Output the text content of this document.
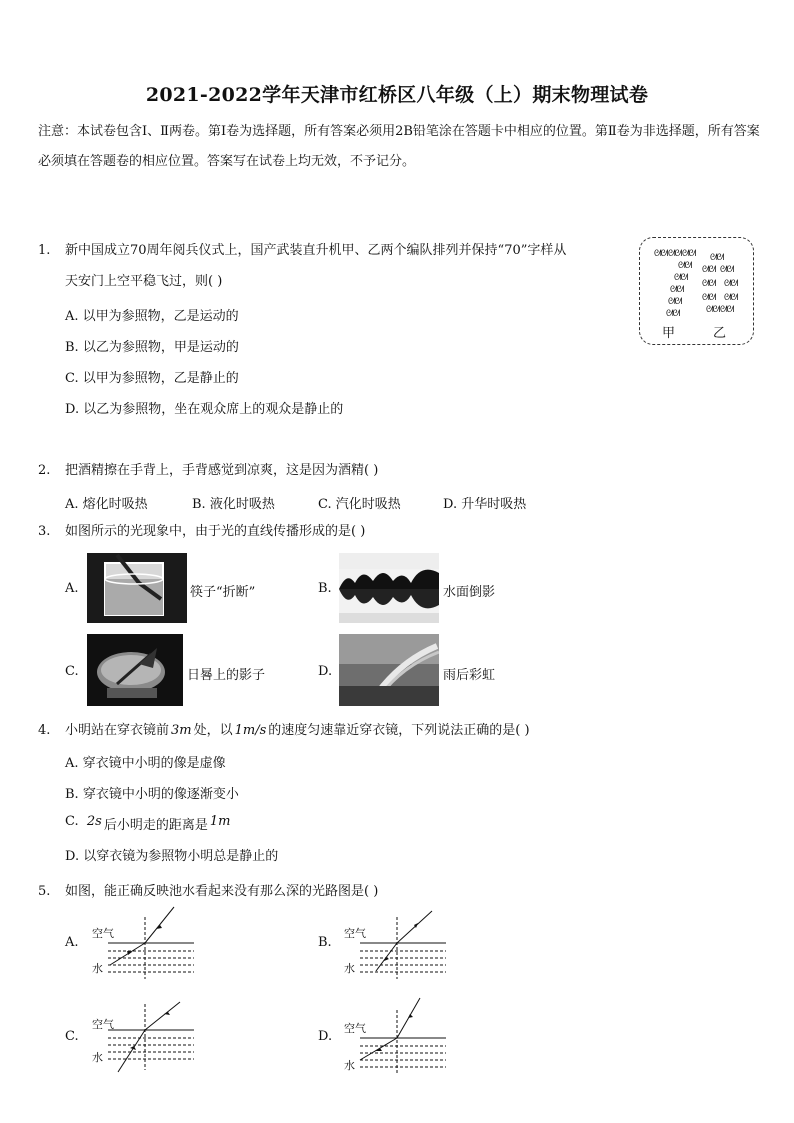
2021-2022学年天津市红桥区八年级（上）期末物理试卷
注意：本试卷包含Ⅰ、Ⅱ两卷。第Ⅰ卷为选择题，所有答案必须用2B铅笔涂在答题卡中相应的位置。第Ⅱ卷为非选择题，所有答案必须填在答题卷的相应位置。答案写在试卷上均无效，不予记分。
1. 新中国成立70周年阅兵仪式上，国产武装直升机甲、乙两个编队排列并保持“70”字样从
天安门上空平稳飞过，则( )
A. 以甲为参照物，乙是运动的
B. 以乙为参照物，甲是运动的
C. 以甲为参照物，乙是静止的
D. 以乙为参照物，坐在观众席上的观众是静止的
ᘛᘛ ᘛᘛ ᘛᘛ
ᘛᘛ
ᘛᘛ
ᘛᘛ
ᘛᘛ
ᘛᘛ
ᘛᘛ
ᘛᘛ ᘛᘛ
ᘛᘛ ᘛᘛ
ᘛᘛ ᘛᘛ
ᘛᘛ ᘛᘛ
甲	乙
2. 把酒精擦在手背上，手背感觉到凉爽，这是因为酒精( )
A. 熔化时吸热	B. 液化时吸热	C. 汽化时吸热	D. 升华时吸热
3. 如图所示的光现象中，由于光的直线传播形成的是( )
A.	筷子“折断”	B.	水面倒影
C.	日晷上的影子	D.	雨后彩虹
4. 小明站在穿衣镜前 3m 处，以 1m/s 的速度匀速靠近穿衣镜，下列说法正确的是( )
A. 穿衣镜中小明的像是虚像
B. 穿衣镜中小明的像逐渐变小
C. 2s 后小明走的距离是 1m
D. 以穿衣镜为参照物小明总是静止的
5. 如图，能正确反映池水看起来没有那么深的光路图是( )
A.
空气
水
B.
空气
水
C.
空气
水
D.
空气
水
